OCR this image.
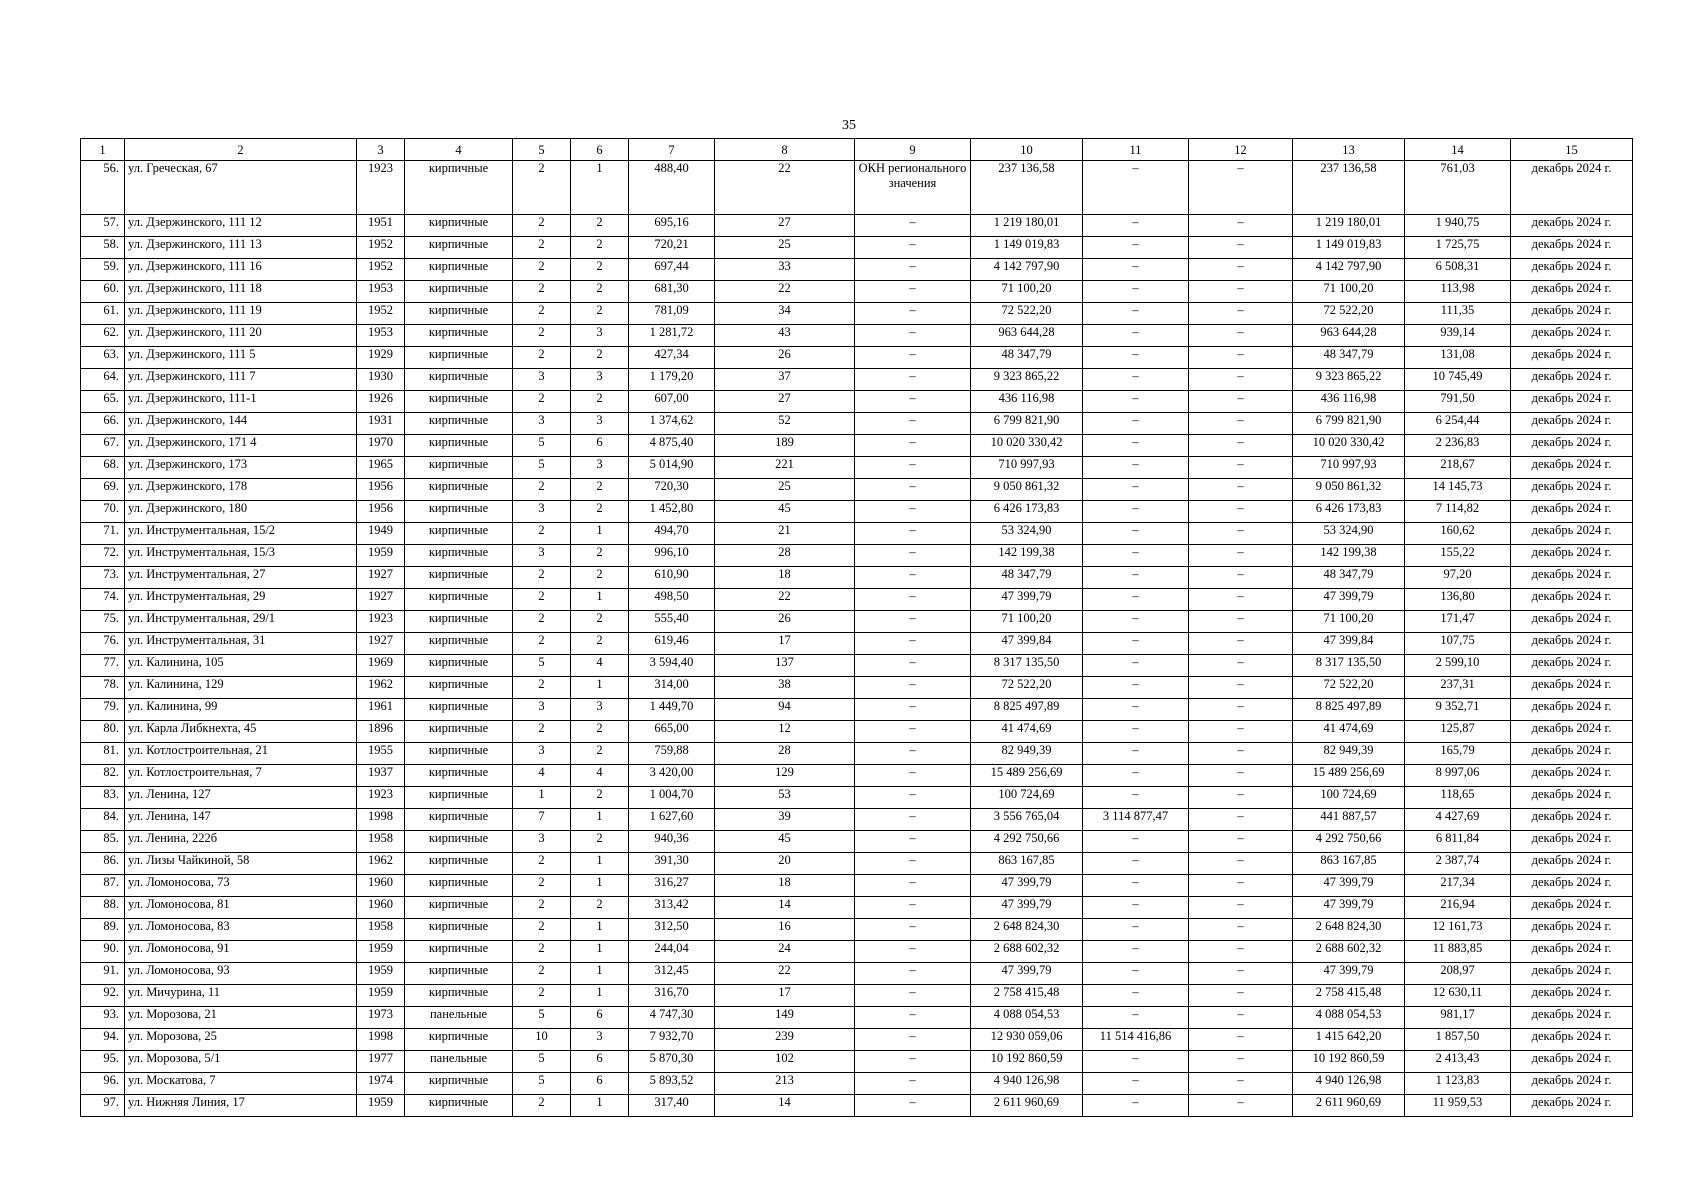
35
1	2	3	4	5	6	7	8	9	10	11	12	13	14	15
56.	ул. Греческая, 67	1923	кирпичные	2	1	488,40	22	ОКН регионального значения	237 136,58	–	–	237 136,58	761,03	декабрь 2024 г.
57.	ул. Дзержинского, 111 12	1951	кирпичные	2	2	695,16	27	–	1 219 180,01	–	–	1 219 180,01	1 940,75	декабрь 2024 г.
58.	ул. Дзержинского, 111 13	1952	кирпичные	2	2	720,21	25	–	1 149 019,83	–	–	1 149 019,83	1 725,75	декабрь 2024 г.
59.	ул. Дзержинского, 111 16	1952	кирпичные	2	2	697,44	33	–	4 142 797,90	–	–	4 142 797,90	6 508,31	декабрь 2024 г.
60.	ул. Дзержинского, 111 18	1953	кирпичные	2	2	681,30	22	–	71 100,20	–	–	71 100,20	113,98	декабрь 2024 г.
61.	ул. Дзержинского, 111 19	1952	кирпичные	2	2	781,09	34	–	72 522,20	–	–	72 522,20	111,35	декабрь 2024 г.
62.	ул. Дзержинского, 111 20	1953	кирпичные	2	3	1 281,72	43	–	963 644,28	–	–	963 644,28	939,14	декабрь 2024 г.
63.	ул. Дзержинского, 111 5	1929	кирпичные	2	2	427,34	26	–	48 347,79	–	–	48 347,79	131,08	декабрь 2024 г.
64.	ул. Дзержинского, 111 7	1930	кирпичные	3	3	1 179,20	37	–	9 323 865,22	–	–	9 323 865,22	10 745,49	декабрь 2024 г.
65.	ул. Дзержинского, 111-1	1926	кирпичные	2	2	607,00	27	–	436 116,98	–	–	436 116,98	791,50	декабрь 2024 г.
66.	ул. Дзержинского, 144	1931	кирпичные	3	3	1 374,62	52	–	6 799 821,90	–	–	6 799 821,90	6 254,44	декабрь 2024 г.
67.	ул. Дзержинского, 171 4	1970	кирпичные	5	6	4 875,40	189	–	10 020 330,42	–	–	10 020 330,42	2 236,83	декабрь 2024 г.
68.	ул. Дзержинского, 173	1965	кирпичные	5	3	5 014,90	221	–	710 997,93	–	–	710 997,93	218,67	декабрь 2024 г.
69.	ул. Дзержинского, 178	1956	кирпичные	2	2	720,30	25	–	9 050 861,32	–	–	9 050 861,32	14 145,73	декабрь 2024 г.
70.	ул. Дзержинского, 180	1956	кирпичные	3	2	1 452,80	45	–	6 426 173,83	–	–	6 426 173,83	7 114,82	декабрь 2024 г.
71.	ул. Инструментальная, 15/2	1949	кирпичные	2	1	494,70	21	–	53 324,90	–	–	53 324,90	160,62	декабрь 2024 г.
72.	ул. Инструментальная, 15/3	1959	кирпичные	3	2	996,10	28	–	142 199,38	–	–	142 199,38	155,22	декабрь 2024 г.
73.	ул. Инструментальная, 27	1927	кирпичные	2	2	610,90	18	–	48 347,79	–	–	48 347,79	97,20	декабрь 2024 г.
74.	ул. Инструментальная, 29	1927	кирпичные	2	1	498,50	22	–	47 399,79	–	–	47 399,79	136,80	декабрь 2024 г.
75.	ул. Инструментальная, 29/1	1923	кирпичные	2	2	555,40	26	–	71 100,20	–	–	71 100,20	171,47	декабрь 2024 г.
76.	ул. Инструментальная, 31	1927	кирпичные	2	2	619,46	17	–	47 399,84	–	–	47 399,84	107,75	декабрь 2024 г.
77.	ул. Калинина, 105	1969	кирпичные	5	4	3 594,40	137	–	8 317 135,50	–	–	8 317 135,50	2 599,10	декабрь 2024 г.
78.	ул. Калинина, 129	1962	кирпичные	2	1	314,00	38	–	72 522,20	–	–	72 522,20	237,31	декабрь 2024 г.
79.	ул. Калинина, 99	1961	кирпичные	3	3	1 449,70	94	–	8 825 497,89	–	–	8 825 497,89	9 352,71	декабрь 2024 г.
80.	ул. Карла Либкнехта, 45	1896	кирпичные	2	2	665,00	12	–	41 474,69	–	–	41 474,69	125,87	декабрь 2024 г.
81.	ул. Котлостроительная, 21	1955	кирпичные	3	2	759,88	28	–	82 949,39	–	–	82 949,39	165,79	декабрь 2024 г.
82.	ул. Котлостроительная, 7	1937	кирпичные	4	4	3 420,00	129	–	15 489 256,69	–	–	15 489 256,69	8 997,06	декабрь 2024 г.
83.	ул. Ленина, 127	1923	кирпичные	1	2	1 004,70	53	–	100 724,69	–	–	100 724,69	118,65	декабрь 2024 г.
84.	ул. Ленина, 147	1998	кирпичные	7	1	1 627,60	39	–	3 556 765,04	3 114 877,47	–	441 887,57	4 427,69	декабрь 2024 г.
85.	ул. Ленина, 222б	1958	кирпичные	3	2	940,36	45	–	4 292 750,66	–	–	4 292 750,66	6 811,84	декабрь 2024 г.
86.	ул. Лизы Чайкиной, 58	1962	кирпичные	2	1	391,30	20	–	863 167,85	–	–	863 167,85	2 387,74	декабрь 2024 г.
87.	ул. Ломоносова, 73	1960	кирпичные	2	1	316,27	18	–	47 399,79	–	–	47 399,79	217,34	декабрь 2024 г.
88.	ул. Ломоносова, 81	1960	кирпичные	2	2	313,42	14	–	47 399,79	–	–	47 399,79	216,94	декабрь 2024 г.
89.	ул. Ломоносова, 83	1958	кирпичные	2	1	312,50	16	–	2 648 824,30	–	–	2 648 824,30	12 161,73	декабрь 2024 г.
90.	ул. Ломоносова, 91	1959	кирпичные	2	1	244,04	24	–	2 688 602,32	–	–	2 688 602,32	11 883,85	декабрь 2024 г.
91.	ул. Ломоносова, 93	1959	кирпичные	2	1	312,45	22	–	47 399,79	–	–	47 399,79	208,97	декабрь 2024 г.
92.	ул. Мичурина, 11	1959	кирпичные	2	1	316,70	17	–	2 758 415,48	–	–	2 758 415,48	12 630,11	декабрь 2024 г.
93.	ул. Морозова, 21	1973	панельные	5	6	4 747,30	149	–	4 088 054,53	–	–	4 088 054,53	981,17	декабрь 2024 г.
94.	ул. Морозова, 25	1998	кирпичные	10	3	7 932,70	239	–	12 930 059,06	11 514 416,86	–	1 415 642,20	1 857,50	декабрь 2024 г.
95.	ул. Морозова, 5/1	1977	панельные	5	6	5 870,30	102	–	10 192 860,59	–	–	10 192 860,59	2 413,43	декабрь 2024 г.
96.	ул. Москатова, 7	1974	кирпичные	5	6	5 893,52	213	–	4 940 126,98	–	–	4 940 126,98	1 123,83	декабрь 2024 г.
97.	ул. Нижняя Линия, 17	1959	кирпичные	2	1	317,40	14	–	2 611 960,69	–	–	2 611 960,69	11 959,53	декабрь 2024 г.
